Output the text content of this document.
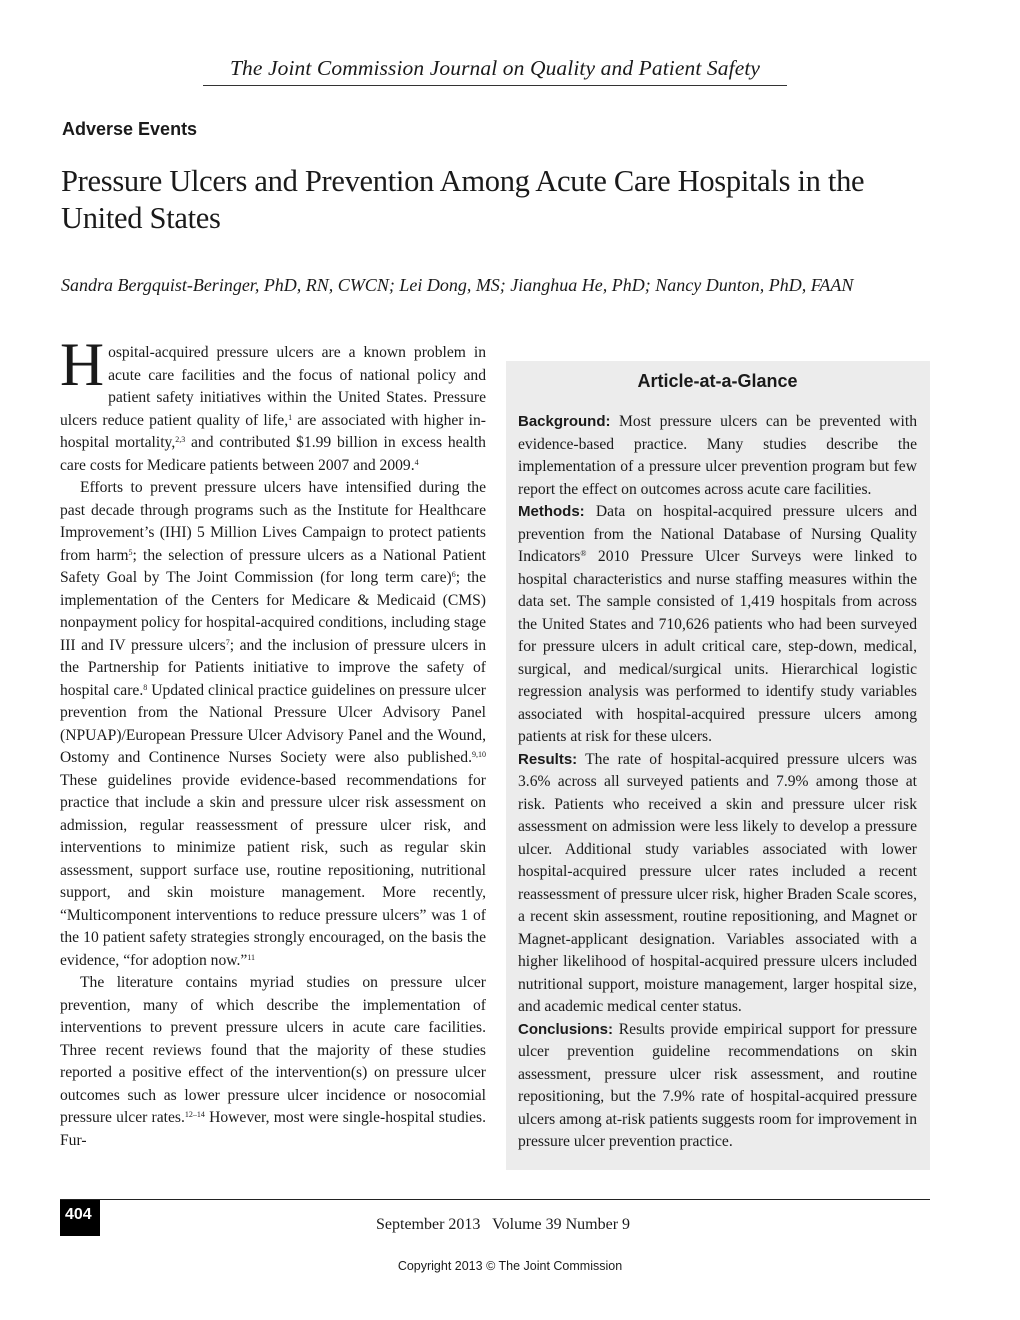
The Joint Commission Journal on Quality and Patient Safety
Adverse Events
Pressure Ulcers and Prevention Among Acute Care Hospitals in the United States
Sandra Bergquist-Beringer, PhD, RN, CWCN; Lei Dong, MS; Jianghua He, PhD; Nancy Dunton, PhD, FAAN

Hospital-acquired pressure ulcers are a known problem in acute care facilities and the focus of national policy and patient safety initiatives within the United States. Pressure ulcers reduce patient quality of life,$^1$ are associated with higher in-hospital mortality,$^{2,3}$ and contributed $1.99 billion in excess health care costs for Medicare patients between 2007 and 2009.$^4$

Efforts to prevent pressure ulcers have intensified during the past decade through programs such as the Institute for Healthcare Improvement’s (IHI) 5 Million Lives Campaign to protect patients from harm$^5$; the selection of pressure ulcers as a National Patient Safety Goal by The Joint Commission (for long term care)$^6$; the implementation of the Centers for Medicare & Medicaid (CMS) nonpayment policy for hospital-acquired conditions, including stage III and IV pressure ulcers$^7$; and the inclusion of pressure ulcers in the Partnership for Patients initiative to improve the safety of hospital care.$^8$ Updated clinical practice guidelines on pressure ulcer prevention from the National Pressure Ulcer Advisory Panel (NPUAP)/European Pressure Ulcer Advisory Panel and the Wound, Ostomy and Continence Nurses Society were also published.$^{9,10}$ These guidelines provide evidence-based recommendations for practice that include a skin and pressure ulcer risk assessment on admission, regular reassessment of pressure ulcer risk, and interventions to minimize patient risk, such as regular skin assessment, support surface use, routine repositioning, nutritional support, and skin moisture management. More recently, “Multicomponent interventions to reduce pressure ulcers” was 1 of the 10 patient safety strategies strongly encouraged, on the basis the evidence, “for adoption now.”$^{11}$

The literature contains myriad studies on pressure ulcer prevention, many of which describe the implementation of interventions to prevent pressure ulcers in acute care facilities. Three recent reviews found that the majority of these studies reported a positive effect of the intervention(s) on pressure ulcer outcomes such as lower pressure ulcer incidence or nosocomial pressure ulcer rates.$^{12-14}$ However, most were single-hospital studies. Fur-

Article-at-a-Glance

Background: Most pressure ulcers can be prevented with evidence-based practice. Many studies describe the implementation of a pressure ulcer prevention program but few report the effect on outcomes across acute care facilities.

Methods: Data on hospital-acquired pressure ulcers and prevention from the National Database of Nursing Quality Indicators® 2010 Pressure Ulcer Surveys were linked to hospital characteristics and nurse staffing measures within the data set. The sample consisted of 1,419 hospitals from across the United States and 710,626 patients who had been surveyed for pressure ulcers in adult critical care, step-down, medical, surgical, and medical/surgical units. Hierarchical logistic regression analysis was performed to identify study variables associated with hospital-acquired pressure ulcers among patients at risk for these ulcers.

Results: The rate of hospital-acquired pressure ulcers was 3.6% across all surveyed patients and 7.9% among those at risk. Patients who received a skin and pressure ulcer risk assessment on admission were less likely to develop a pressure ulcer. Additional study variables associated with lower hospital-acquired pressure ulcer rates included a recent reassessment of pressure ulcer risk, higher Braden Scale scores, a recent skin assessment, routine repositioning, and Magnet or Magnet-applicant designation. Variables associated with a higher likelihood of hospital-acquired pressure ulcers included nutritional support, moisture management, larger hospital size, and academic medical center status.

Conclusions: Results provide empirical support for pressure ulcer prevention guideline recommendations on skin assessment, pressure ulcer risk assessment, and routine repositioning, but the 7.9% rate of hospital-acquired pressure ulcers among at-risk patients suggests room for improvement in pressure ulcer prevention practice.

404
September 2013   Volume 39 Number 9
Copyright 2013 © The Joint Commission
